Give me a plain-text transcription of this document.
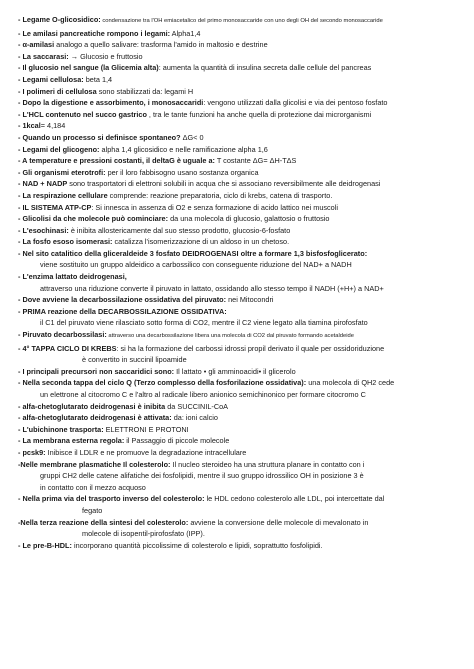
- Legame O-glicosidico: condensazione tra l'OH emiacetalico del primo monosaccaride con uno degli OH del secondo monosaccaride
- Le amilasi pancreatiche rompono i legami: Alpha1,4
- α-amilasi analogo a quello salivare: trasforma l'amido in maltosio e destrine
- La saccarasi: → Glucosio e fruttosio
- Il glucosio nel sangue (la Glicemia alta): aumenta la quantità di insulina secreta dalle cellule del pancreas
- Legami cellulosa: beta 1,4
- I polimeri di cellulosa sono stabilizzati da: legami H
- Dopo la digestione e assorbimento, i monosaccaridi: vengono utilizzati dalla glicolisi e via dei pentoso fosfato
- L'HCL contenuto nel succo gastrico , tra le tante funzioni ha anche quella di protezione dai microrganismi
- 1kcal= 4,184
- Quando un processo si definisce spontaneo? ΔG< 0
- Legami del glicogeno: alpha 1,4 glicosidico e nelle ramificazione alpha 1,6
- A temperature e pressioni costanti, il deltaG è uguale a: T costante ΔG= ΔH-TΔS
- Gli organismi eterotrofi: per il loro fabbisogno usano sostanza organica
- NAD + NADP sono trasportatori di elettroni solubili in acqua che si associano reversibilmente alle deidrogenasi
- La respirazione cellulare comprende: reazione preparatoria, ciclo di krebs, catena di trasporto.
- IL SISTEMA ATP-CP: Si innesca in assenza di O2 e senza formazione di acido lattico nei muscoli
- Glicolisi da che molecole può cominciare: da una molecola di glucosio, galattosio o fruttosio
- L'esochinasi: è inibita allostericamente dal suo stesso prodotto, glucosio-6-fosfato
- La fosfo esoso isomerasi: catalizza l'isomerizzazione di un aldoso in un chetoso.
- Nel sito catalitico della gliceraldeide 3 fosfato DEIDROGENASI oltre a formare 1,3 bisfosfoglicerato:
viene sostituito un gruppo aldeidico a carbossilico con conseguente riduzione del NAD+ a NADH
- L'enzima lattato deidrogenasi,
attraverso una riduzione converte il piruvato in lattato, ossidando allo stesso tempo il NADH (+H+) a NAD+
- Dove avviene la decarbossilazione ossidativa del piruvato: nei Mitocondri
- PRIMA reazione della DECARBOSSILAZIONE OSSIDATIVA:
il C1 del piruvato viene rilasciato sotto forma di CO2, mentre il C2 viene legato alla tiamina pirofosfato
- Piruvato decarbossilasi: attraverso una decarbossilazione libera una molecola di CO2 dal piruvato formando acetaldeide
- 4° TAPPA CICLO DI KREBS: si ha la formazione del carbossi idrossi propil derivato il quale per ossidoriduzione
è convertito in succinil lipoamide
- I principali precursori non saccaridici sono: Il lattato • gli amminoacidi• il glicerolo
- Nella seconda tappa del ciclo Q (Terzo complesso della fosforilazione ossidativa): una molecola di QH2 cede
un elettrone al citocromo C e l'altro al radicale libero anionico semichinonico per formare citocromo C
- alfa-chetoglutarato deidrogenasi è inibita da SUCCINIL-CoA
- alfa-chetoglutarato deidrogenasi è attivata: da: ioni calcio
- L'ubichinone trasporta: ELETTRONI E PROTONI
- La membrana esterna regola: il Passaggio di piccole molecole
- pcsk9: Inibisce il LDLR e ne promuove la degradazione intracellulare
-Nelle membrane plasmatiche Il colesterolo: Il nucleo steroideo ha una struttura planare in contatto con i
gruppi CH2 delle catene alifatiche dei fosfolipidi, mentre il suo gruppo idrossilico OH in posizione 3 è
in contatto con il mezzo acquoso
- Nella prima via del trasporto inverso del colesterolo: le HDL cedono colesterolo alle LDL, poi intercettate dal
fegato
-Nella terza reazione della sintesi del colesterolo: avviene la conversione delle molecole di mevalonato in
molecole di isopentil-pirofosfato (IPP).
- Le pre-B-HDL: incorporano quantità piccolissime di colesterolo e lipidi, soprattutto fosfolipidi.
